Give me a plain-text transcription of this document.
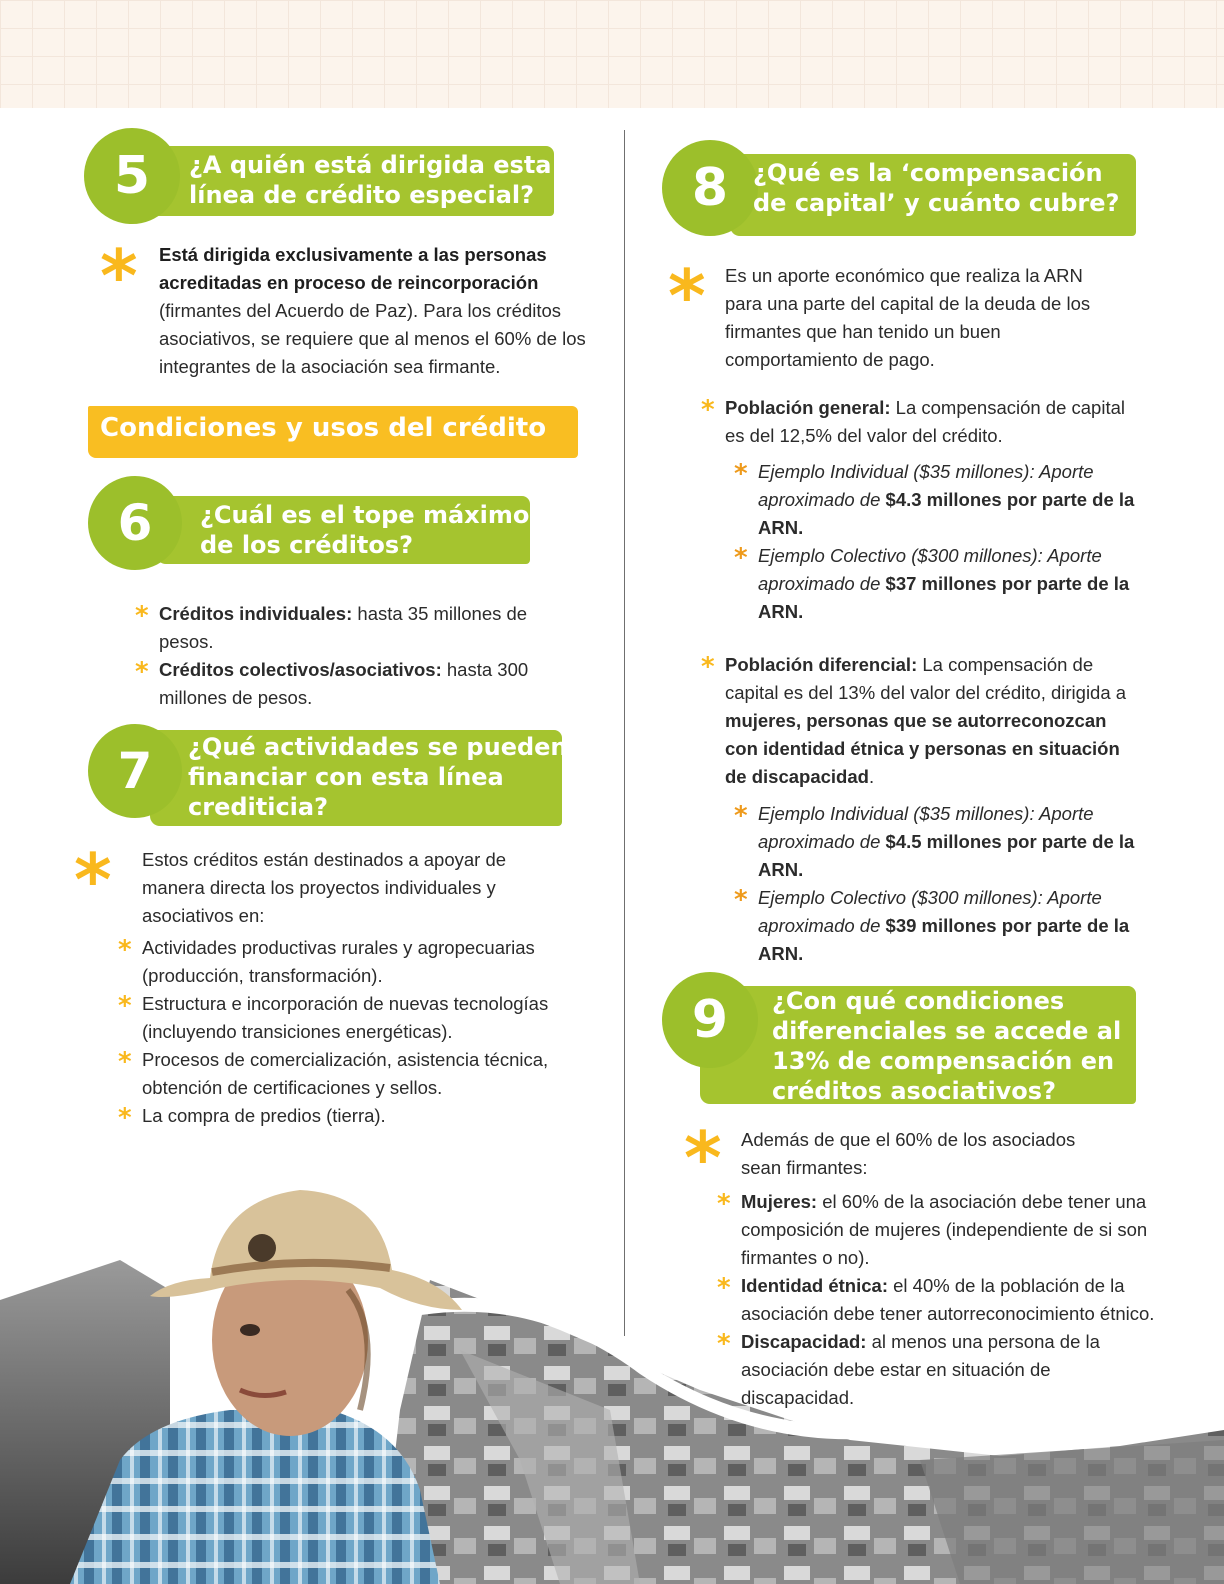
5	¿A quién está dirigida esta
línea de crédito especial?
* Está dirigida exclusivamente a las personas acreditadas en proceso de reincorporación (firmantes del Acuerdo de Paz). Para los créditos asociativos, se requiere que al menos el 60% de los integrantes de la asociación sea firmante.
Condiciones y usos del crédito
6	¿Cuál es el tope máximo
de los créditos?
* Créditos individuales: hasta 35 millones de pesos.
* Créditos colectivos/asociativos: hasta 300 millones de pesos.
7	¿Qué actividades se pueden
financiar con esta línea
crediticia?
* Estos créditos están destinados a apoyar de manera directa los proyectos individuales y asociativos en:
* Actividades productivas rurales y agropecuarias (producción, transformación).
* Estructura e incorporación de nuevas tecnologías (incluyendo transiciones energéticas).
* Procesos de comercialización, asistencia técnica, obtención de certificaciones y sellos.
* La compra de predios (tierra).
8	¿Qué es la ‘compensación
de capital’ y cuánto cubre?
* Es un aporte económico que realiza la ARN para una parte del capital de la deuda de los firmantes que han tenido un buen comportamiento de pago.
* Población general: La compensación de capital es del 12,5% del valor del crédito.
* Ejemplo Individual ($35 millones): Aporte aproximado de $4.3 millones por parte de la ARN.
* Ejemplo Colectivo ($300 millones): Aporte aproximado de $37 millones por parte de la ARN.
* Población diferencial: La compensación de capital es del 13% del valor del crédito, dirigida a mujeres, personas que se autorreconozcan con identidad étnica y personas en situación de discapacidad.
* Ejemplo Individual ($35 millones): Aporte aproximado de $4.5 millones por parte de la ARN.
* Ejemplo Colectivo ($300 millones): Aporte aproximado de $39 millones por parte de la ARN.
9	¿Con qué condiciones
diferenciales se accede al
13% de compensación en
créditos asociativos?
* Además de que el 60% de los asociados sean firmantes:
* Mujeres: el 60% de la asociación debe tener una composición de mujeres (independiente de si son firmantes o no).
* Identidad étnica: el 40% de la población de la asociación debe tener autorreconocimiento étnico.
* Discapacidad: al menos una persona de la asociación debe estar en situación de discapacidad.
